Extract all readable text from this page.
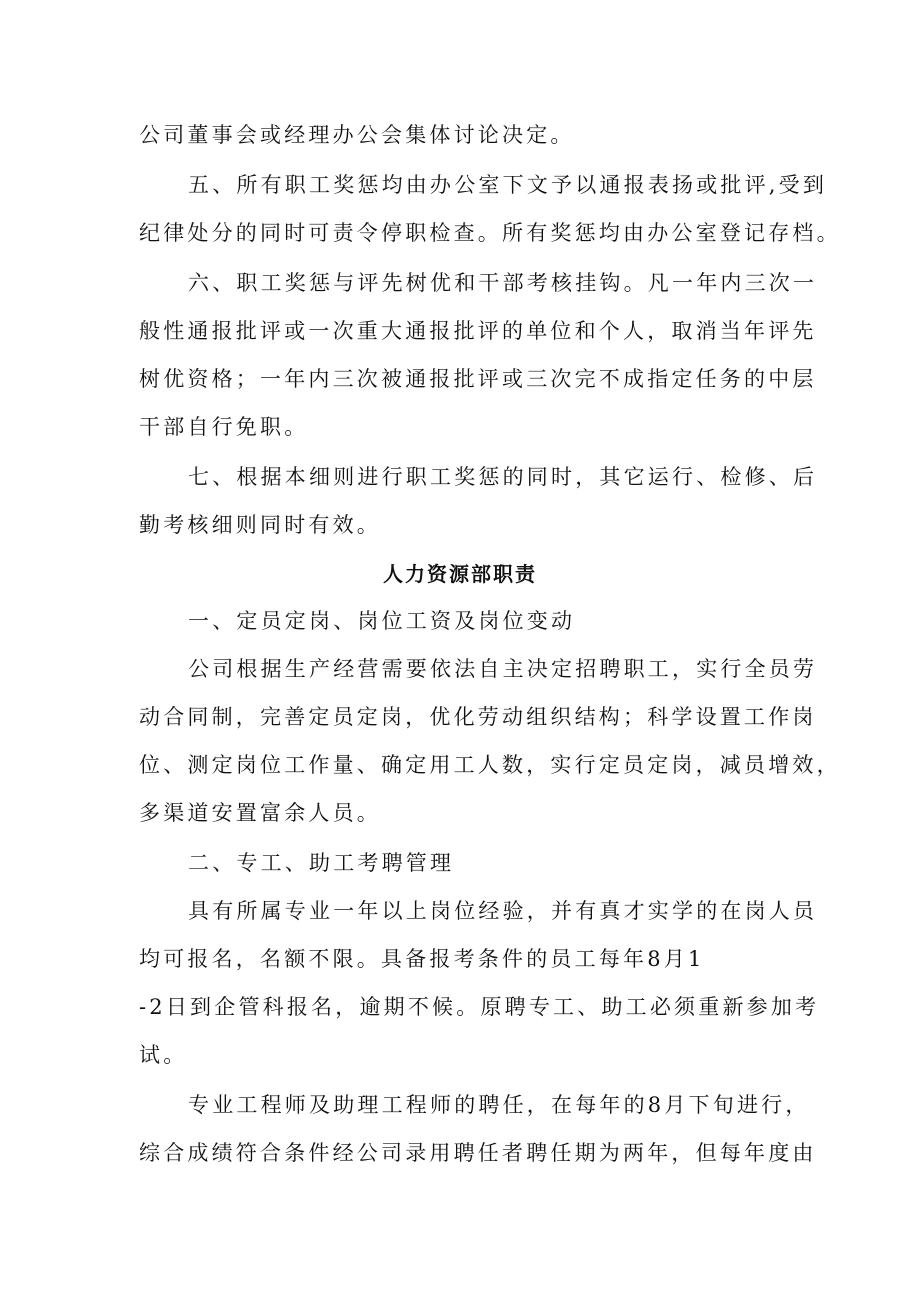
公司董事会或经理办公会集体讨论决定。
五、所有职工奖惩均由办公室下文予以通报表扬或批评,受到
纪律处分的同时可责令停职检查。所有奖惩均由办公室登记存档。
六、职工奖惩与评先树优和干部考核挂钩。凡一年内三次一
般性通报批评或一次重大通报批评的单位和个人，取消当年评先
树优资格；一年内三次被通报批评或三次完不成指定任务的中层
干部自行免职。
七、根据本细则进行职工奖惩的同时，其它运行、检修、后
勤考核细则同时有效。
人力资源部职责
一、定员定岗、岗位工资及岗位变动
公司根据生产经营需要依法自主决定招聘职工，实行全员劳
动合同制，完善定员定岗，优化劳动组织结构；科学设置工作岗
位、测定岗位工作量、确定用工人数，实行定员定岗，减员增效，
多渠道安置富余人员。
二、专工、助工考聘管理
具有所属专业一年以上岗位经验，并有真才实学的在岗人员
均可报名，名额不限。具备报考条件的员工每年8月1
-2日到企管科报名，逾期不候。原聘专工、助工必须重新参加考
试。
专业工程师及助理工程师的聘任，在每年的8月下旬进行，
综合成绩符合条件经公司录用聘任者聘任期为两年，但每年度由
